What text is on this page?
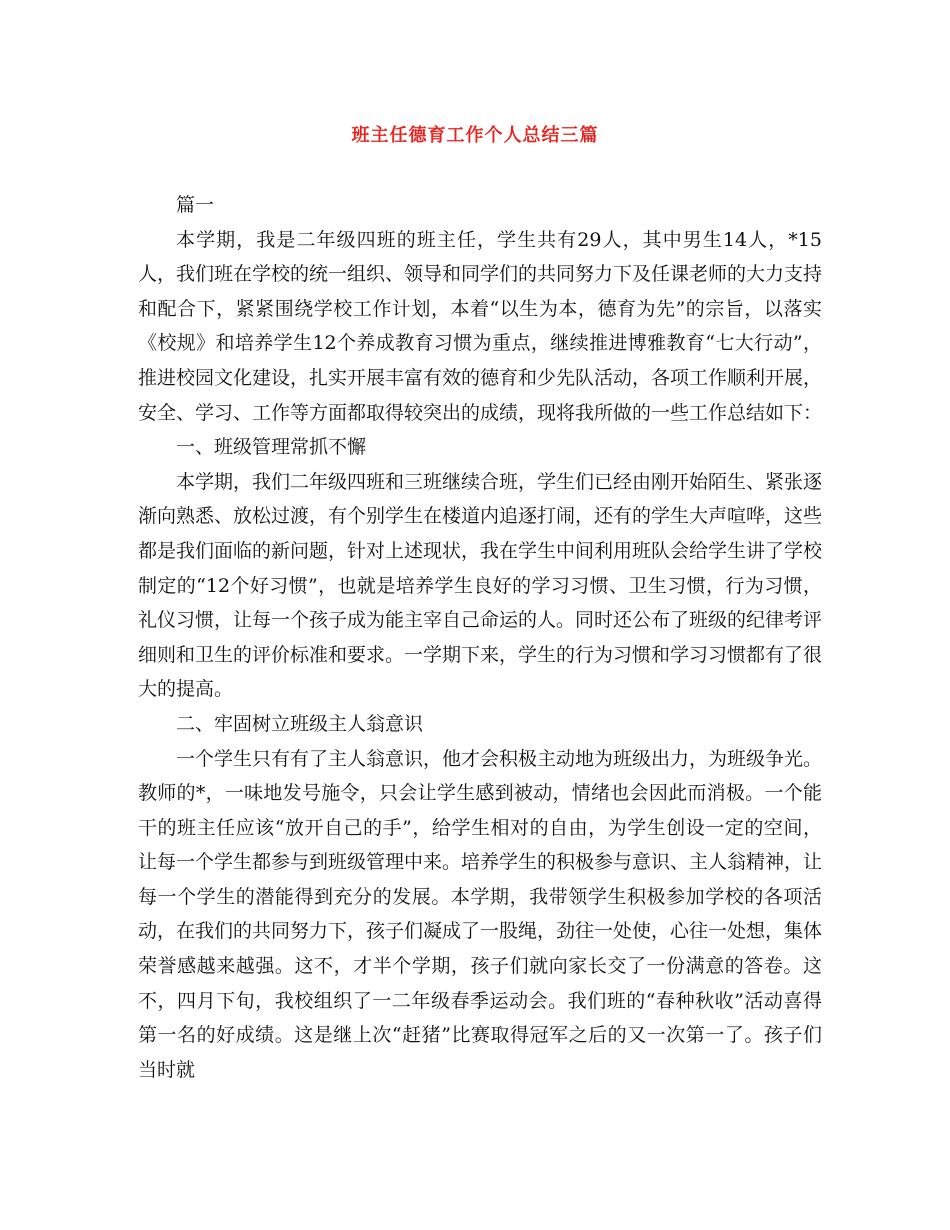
班主任德育工作个人总结三篇

篇一

本学期，我是二年级四班的班主任，学生共有29人，其中男生14人，*15人，我们班在学校的统一组织、领导和同学们的共同努力下及任课老师的大力支持和配合下，紧紧围绕学校工作计划，本着“以生为本，德育为先”的宗旨，以落实《校规》和培养学生12个养成教育习惯为重点，继续推进博雅教育“七大行动”，推进校园文化建设，扎实开展丰富有效的德育和少先队活动，各项工作顺利开展，安全、学习、工作等方面都取得较突出的成绩，现将我所做的一些工作总结如下：

一、班级管理常抓不懈

本学期，我们二年级四班和三班继续合班，学生们已经由刚开始陌生、紧张逐渐向熟悉、放松过渡，有个别学生在楼道内追逐打闹，还有的学生大声喧哗，这些都是我们面临的新问题，针对上述现状，我在学生中间利用班队会给学生讲了学校制定的“12个好习惯”，也就是培养学生良好的学习习惯、卫生习惯，行为习惯，礼仪习惯，让每一个孩子成为能主宰自己命运的人。同时还公布了班级的纪律考评细则和卫生的评价标准和要求。一学期下来，学生的行为习惯和学习习惯都有了很大的提高。

二、牢固树立班级主人翁意识

一个学生只有有了主人翁意识，他才会积极主动地为班级出力，为班级争光。教师的*，一味地发号施令，只会让学生感到被动，情绪也会因此而消极。一个能干的班主任应该“放开自己的手”，给学生相对的自由，为学生创设一定的空间，让每一个学生都参与到班级管理中来。培养学生的积极参与意识、主人翁精神，让每一个学生的潜能得到充分的发展。本学期，我带领学生积极参加学校的各项活动，在我们的共同努力下，孩子们凝成了一股绳，劲往一处使，心往一处想，集体荣誉感越来越强。这不，才半个学期，孩子们就向家长交了一份满意的答卷。这不，四月下旬，我校组织了一二年级春季运动会。我们班的“春种秋收”活动喜得第一名的好成绩。这是继上次“赶猪”比赛取得冠军之后的又一次第一了。孩子们当时就
